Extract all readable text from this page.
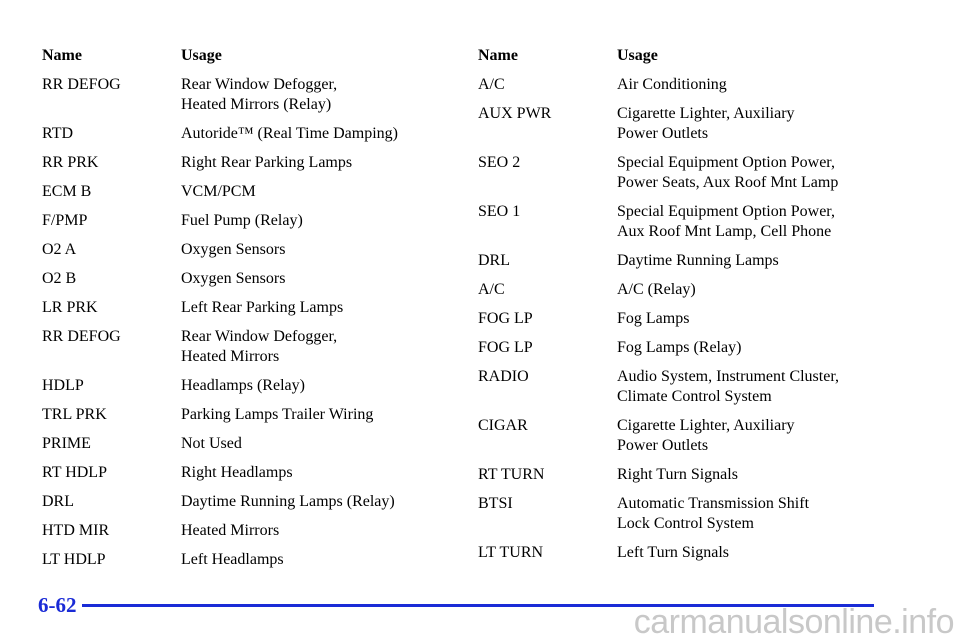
Name	Usage
RR DEFOG	Rear Window Defogger,
Heated Mirrors (Relay)
RTD	Autoride™ (Real Time Damping)
RR PRK	Right Rear Parking Lamps
ECM B	VCM/PCM
F/PMP	Fuel Pump (Relay)
O2 A	Oxygen Sensors
O2 B	Oxygen Sensors
LR PRK	Left Rear Parking Lamps
RR DEFOG	Rear Window Defogger,
Heated Mirrors
HDLP	Headlamps (Relay)
TRL PRK	Parking Lamps Trailer Wiring
PRIME	Not Used
RT HDLP	Right Headlamps
DRL	Daytime Running Lamps (Relay)
HTD MIR	Heated Mirrors
LT HDLP	Left Headlamps
Name	Usage
A/C	Air Conditioning
AUX PWR	Cigarette Lighter, Auxiliary
Power Outlets
SEO 2	Special Equipment Option Power,
Power Seats, Aux Roof Mnt Lamp
SEO 1	Special Equipment Option Power,
Aux Roof Mnt Lamp, Cell Phone
DRL	Daytime Running Lamps
A/C	A/C (Relay)
FOG LP	Fog Lamps
FOG LP	Fog Lamps (Relay)
RADIO	Audio System, Instrument Cluster,
Climate Control System
CIGAR	Cigarette Lighter, Auxiliary
Power Outlets
RT TURN	Right Turn Signals
BTSI	Automatic Transmission Shift
Lock Control System
LT TURN	Left Turn Signals
6-62	carmanualsonline.info
